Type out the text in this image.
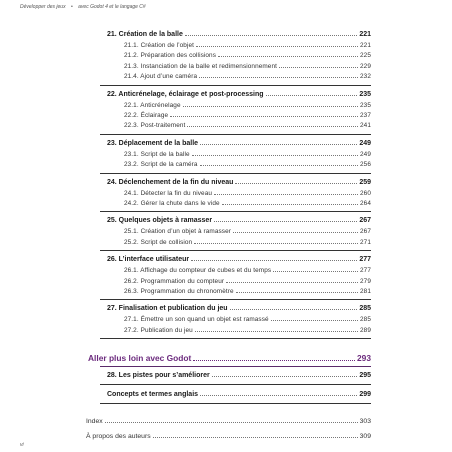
Développer des jeux • avec Godot 4 et le langage C#
21. Création de la balle	221
21.1. Création de l’objet	221
21.2. Préparation des collisions	225
21.3. Instanciation de la balle et redimensionnement	229
21.4. Ajout d’une caméra	232
22. Anticrénelage, éclairage et post-processing	235
22.1. Anticrénelage	235
22.2. Éclairage	237
22.3. Post-traitement	241
23. Déplacement de la balle	249
23.1. Script de la balle	249
23.2. Script de la caméra	256
24. Déclenchement de la fin du niveau	259
24.1. Détecter la fin du niveau	260
24.2. Gérer la chute dans le vide	264
25. Quelques objets à ramasser	267
25.1. Création d’un objet à ramasser	267
25.2. Script de collision	271
26. L’interface utilisateur	277
26.1. Affichage du compteur de cubes et du temps	277
26.2. Programmation du compteur	279
26.3. Programmation du chronomètre	281
27. Finalisation et publication du jeu	285
27.1. Émettre un son quand un objet est ramassé	285
27.2. Publication du jeu	289
Aller plus loin avec Godot	293
28. Les pistes pour s’améliorer	295
Concepts et termes anglais	299
Index	303
À propos des auteurs	309
vi
